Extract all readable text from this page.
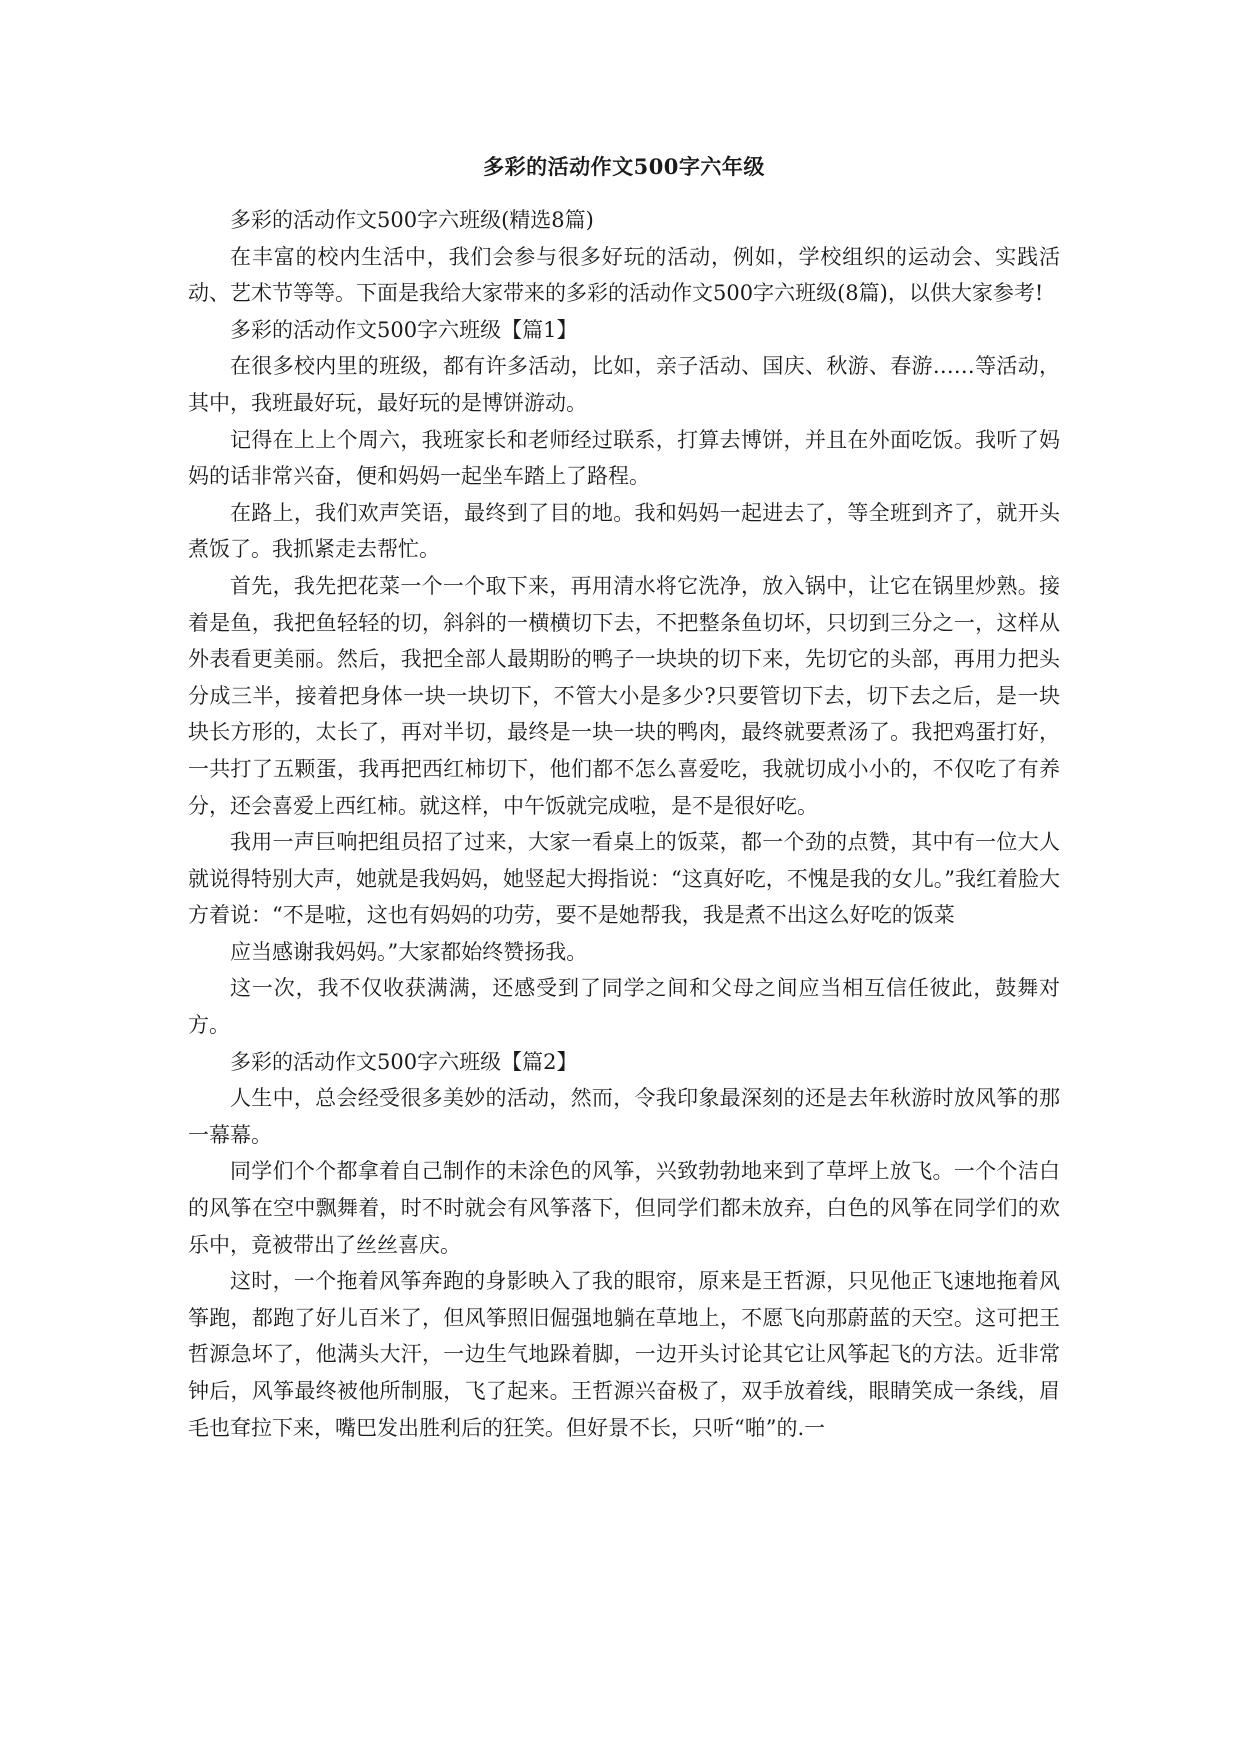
多彩的活动作文500字六年级

多彩的活动作文500字六班级(精选8篇)

在丰富的校内生活中，我们会参与很多好玩的活动，例如，学校组织的运动会、实践活动、艺术节等等。下面是我给大家带来的多彩的活动作文500字六班级(8篇)，以供大家参考!

多彩的活动作文500字六班级【篇1】

在很多校内里的班级，都有许多活动，比如，亲子活动、国庆、秋游、春游……等活动，其中，我班最好玩，最好玩的是博饼游动。

记得在上上个周六，我班家长和老师经过联系，打算去博饼，并且在外面吃饭。我听了妈妈的话非常兴奋，便和妈妈一起坐车踏上了路程。

在路上，我们欢声笑语，最终到了目的地。我和妈妈一起进去了，等全班到齐了，就开头煮饭了。我抓紧走去帮忙。

首先，我先把花菜一个一个取下来，再用清水将它洗净，放入锅中，让它在锅里炒熟。接着是鱼，我把鱼轻轻的切，斜斜的一横横切下去，不把整条鱼切坏，只切到三分之一，这样从外表看更美丽。然后，我把全部人最期盼的鸭子一块块的切下来，先切它的头部，再用力把头分成三半，接着把身体一块一块切下，不管大小是多少?只要管切下去，切下去之后，是一块块长方形的，太长了，再对半切，最终是一块一块的鸭肉，最终就要煮汤了。我把鸡蛋打好，一共打了五颗蛋，我再把西红柿切下，他们都不怎么喜爱吃，我就切成小小的，不仅吃了有养分，还会喜爱上西红柿。就这样，中午饭就完成啦，是不是很好吃。

我用一声巨响把组员招了过来，大家一看桌上的饭菜，都一个劲的点赞，其中有一位大人就说得特别大声，她就是我妈妈，她竖起大拇指说：“这真好吃，不愧是我的女儿。”我红着脸大方着说：“不是啦，这也有妈妈的功劳，要不是她帮我，我是煮不出这么好吃的饭菜

应当感谢我妈妈。”大家都始终赞扬我。

这一次，我不仅收获满满，还感受到了同学之间和父母之间应当相互信任彼此，鼓舞对方。

多彩的活动作文500字六班级【篇2】

人生中，总会经受很多美妙的活动，然而，令我印象最深刻的还是去年秋游时放风筝的那一幕幕。

同学们个个都拿着自己制作的未涂色的风筝，兴致勃勃地来到了草坪上放飞。一个个洁白的风筝在空中飘舞着，时不时就会有风筝落下，但同学们都未放弃，白色的风筝在同学们的欢乐中，竟被带出了丝丝喜庆。

这时，一个拖着风筝奔跑的身影映入了我的眼帘，原来是王哲源，只见他正飞速地拖着风筝跑，都跑了好儿百米了，但风筝照旧倔强地躺在草地上，不愿飞向那蔚蓝的天空。这可把王哲源急坏了，他满头大汗，一边生气地跺着脚，一边开头讨论其它让风筝起飞的方法。近非常钟后，风筝最终被他所制服，飞了起来。王哲源兴奋极了，双手放着线，眼睛笑成一条线，眉毛也耷拉下来，嘴巴发出胜利后的狂笑。但好景不长，只听“啪”的.一
